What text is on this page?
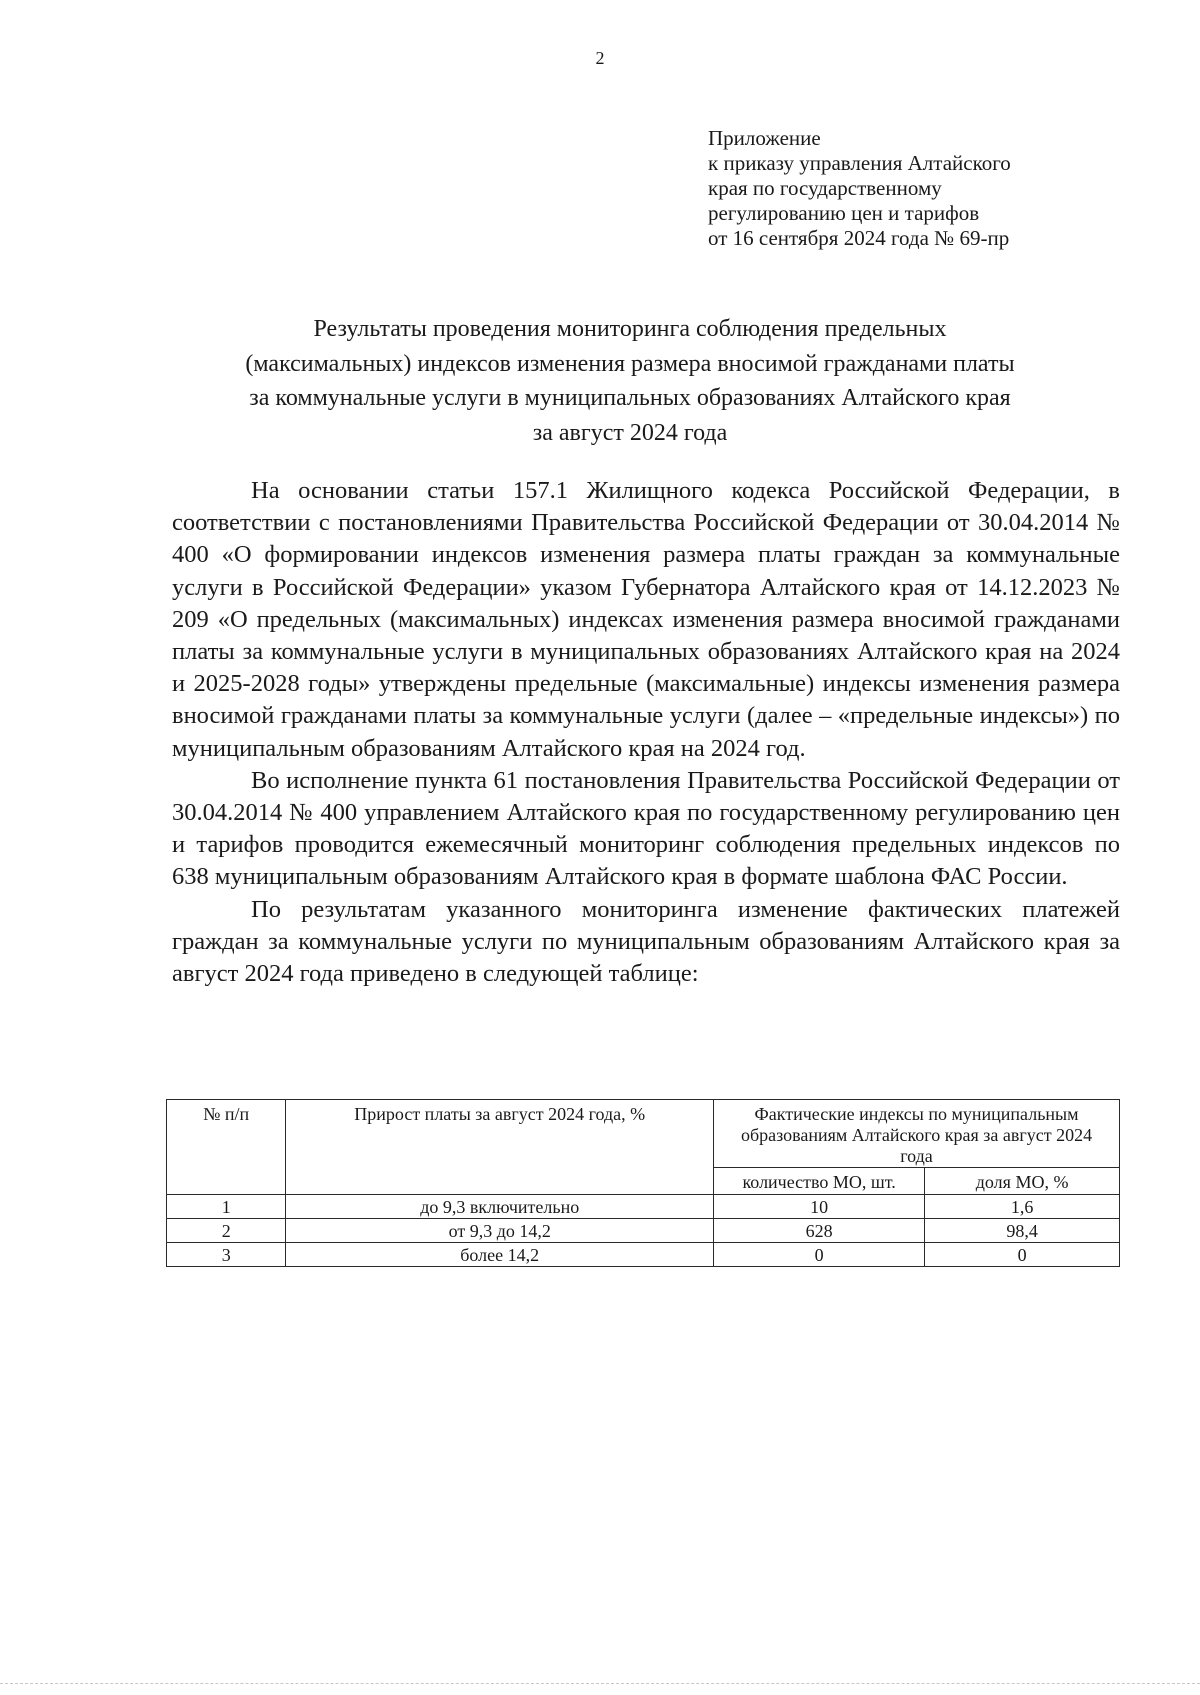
2
Приложение
к приказу управления Алтайского
края по государственному
регулированию цен и тарифов
от 16 сентября 2024 года № 69-пр
Результаты проведения мониторинга соблюдения предельных
(максимальных) индексов изменения размера вносимой гражданами платы
за коммунальные услуги в муниципальных образованиях Алтайского края
за август 2024 года

На основании статьи 157.1 Жилищного кодекса Российской Федерации, в соответствии с постановлениями Правительства Российской Федерации от 30.04.2014 № 400 «О формировании индексов изменения размера платы граждан за коммунальные услуги в Российской Федерации» указом Губернатора Алтайского края от 14.12.2023 № 209 «О предельных (максимальных) индексах изменения размера вносимой гражданами платы за коммунальные услуги в муниципальных образованиях Алтайского края на 2024 и 2025-2028 годы» утверждены предельные (максимальные) индексы изменения размера вносимой гражданами платы за коммунальные услуги (далее – «предельные индексы») по муниципальным образованиям Алтайского края на 2024 год.

Во исполнение пункта 61 постановления Правительства Российской Федерации от 30.04.2014 № 400 управлением Алтайского края по государственному регулированию цен и тарифов проводится ежемесячный мониторинг соблюдения предельных индексов по 638 муниципальным образованиям Алтайского края в формате шаблона ФАС России.

По результатам указанного мониторинга изменение фактических платежей граждан за коммунальные услуги по муниципальным образованиям Алтайского края за август 2024 года приведено в следующей таблице:

№ п/п	Прирост платы за август 2024 года, %	Фактические индексы по муниципальным образованиям Алтайского края за август 2024 года	
		количество МО, шт.	доля МО, %
1	до 9,3 включительно	10	1,6
2	от 9,3 до 14,2	628	98,4
3	более 14,2	0	0
